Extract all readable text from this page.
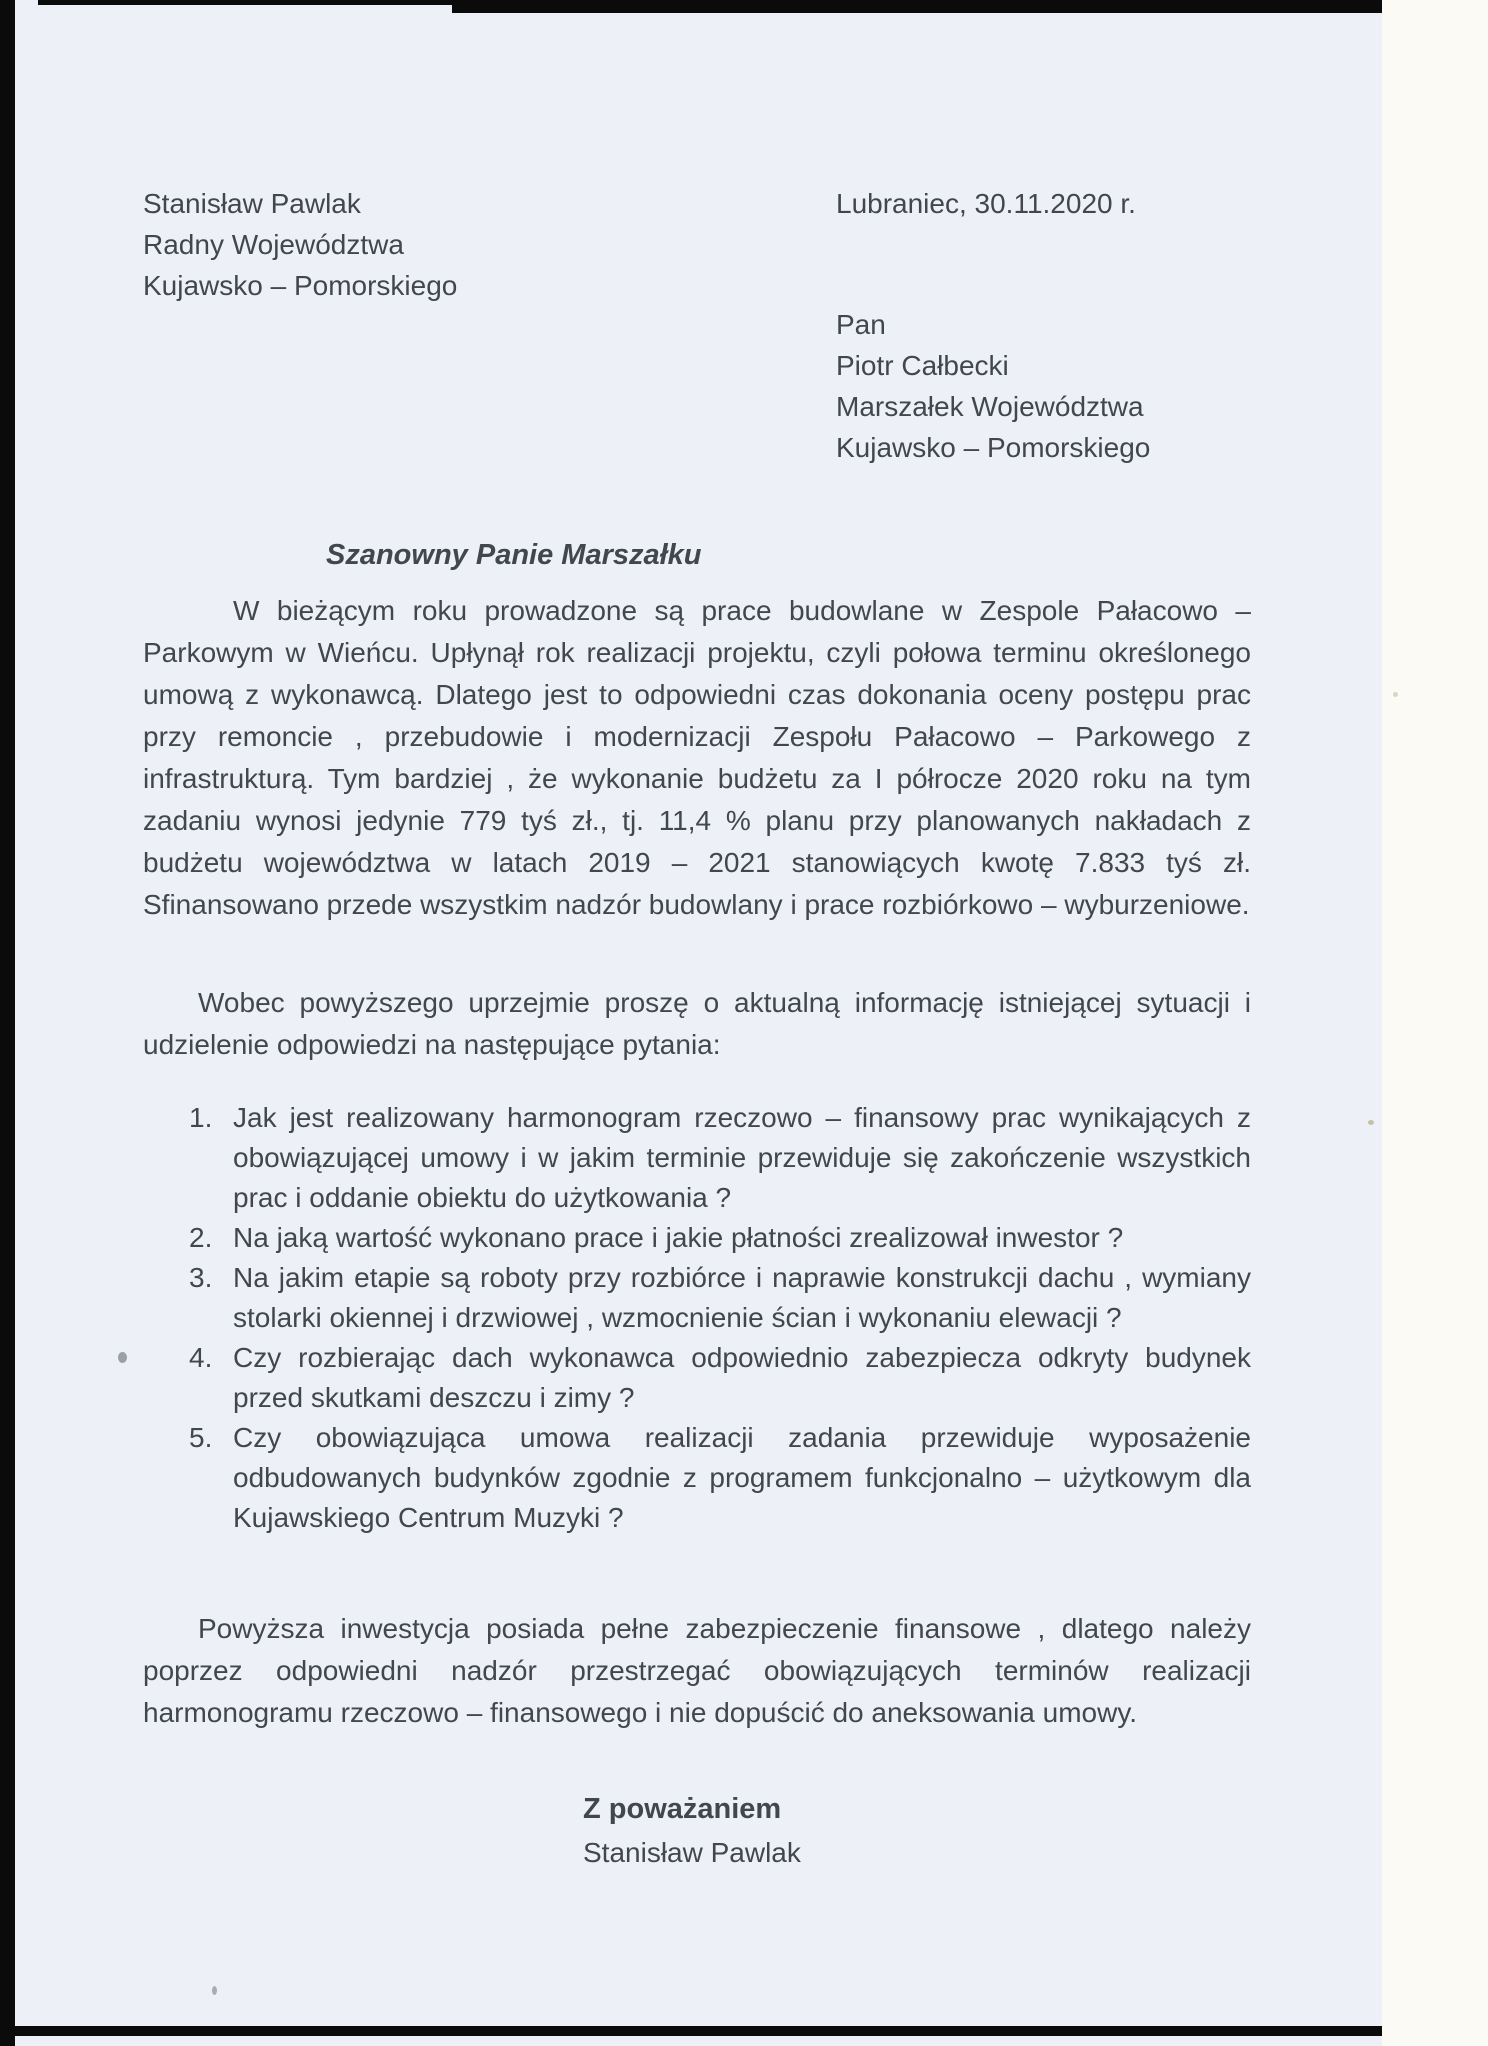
Stanisław Pawlak
Radny Województwa
Kujawsko – Pomorskiego
Lubraniec, 30.11.2020 r.
Pan
Piotr Całbecki
Marszałek Województwa
Kujawsko – Pomorskiego
Szanowny Panie Marszałku
W bieżącym roku prowadzone są prace budowlane w Zespole Pałacowo – Parkowym w Wieńcu. Upłynął rok realizacji projektu, czyli połowa terminu określonego umową z wykonawcą. Dlatego jest to odpowiedni czas dokonania oceny postępu prac przy remoncie , przebudowie i modernizacji Zespołu Pałacowo – Parkowego z infrastrukturą. Tym bardziej , że wykonanie budżetu za I półrocze 2020 roku na tym zadaniu wynosi jedynie 779 tyś zł., tj. 11,4 % planu przy planowanych nakładach z budżetu województwa w latach 2019 – 2021 stanowiących kwotę 7.833 tyś zł. Sfinansowano przede wszystkim nadzór budowlany i prace rozbiórkowo – wyburzeniowe.
Wobec powyższego uprzejmie proszę o aktualną informację istniejącej sytuacji i udzielenie odpowiedzi na następujące pytania:
1. Jak jest realizowany harmonogram rzeczowo – finansowy prac wynikających z obowiązującej umowy i w jakim terminie przewiduje się zakończenie wszystkich prac i oddanie obiektu do użytkowania ?
2. Na jaką wartość wykonano prace i jakie płatności zrealizował inwestor ?
3. Na jakim etapie są roboty przy rozbiórce i naprawie konstrukcji dachu , wymiany stolarki okiennej i drzwiowej , wzmocnienie ścian i wykonaniu elewacji ?
4. Czy rozbierając dach wykonawca odpowiednio zabezpiecza odkryty budynek przed skutkami deszczu i zimy ?
5. Czy obowiązująca umowa realizacji zadania przewiduje wyposażenie odbudowanych budynków zgodnie z programem funkcjonalno – użytkowym dla Kujawskiego Centrum Muzyki ?
Powyższa inwestycja posiada pełne zabezpieczenie finansowe , dlatego należy poprzez odpowiedni nadzór przestrzegać obowiązujących terminów realizacji harmonogramu rzeczowo – finansowego i nie dopuścić do aneksowania umowy.
Z poważaniem
Stanisław Pawlak
